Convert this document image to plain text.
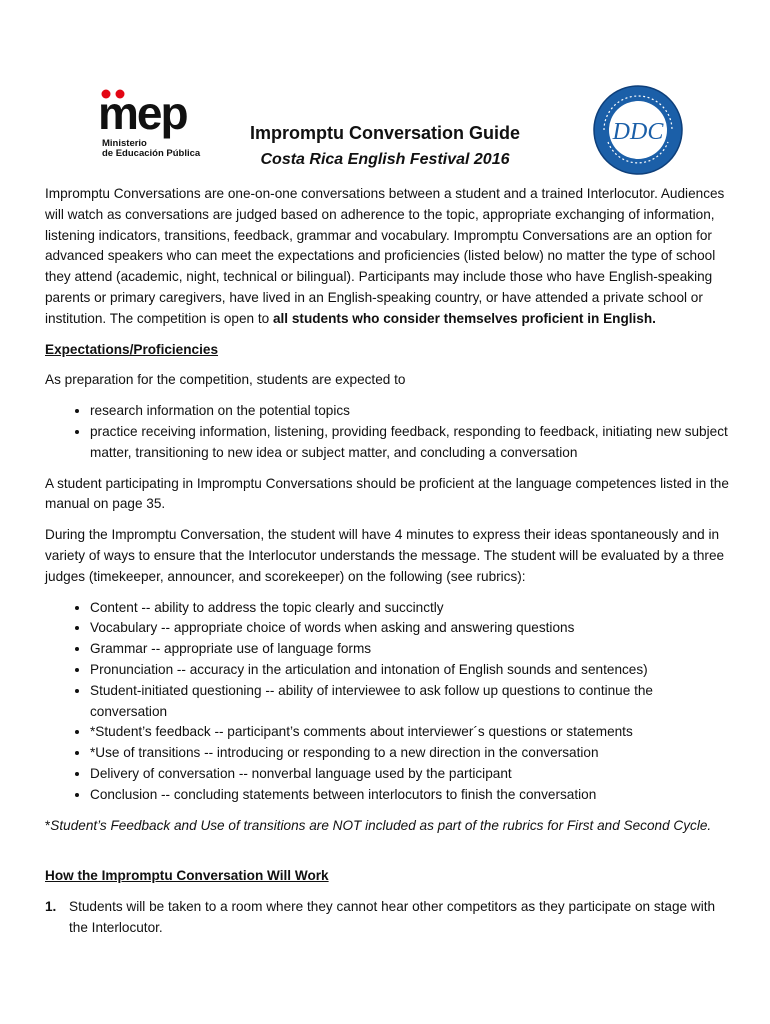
mep
Ministerio
de Educación Pública
DDC
Impromptu Conversation Guide
Costa Rica English Festival 2016

Impromptu Conversations are one-on-one conversations between a student and a trained Interlocutor. Audiences will watch as conversations are judged based on adherence to the topic, appropriate exchanging of information, listening indicators, transitions, feedback, grammar and vocabulary. Impromptu Conversations are an option for advanced speakers who can meet the expectations and proficiencies (listed below) no matter the type of school they attend (academic, night, technical or bilingual). Participants may include those who have English-speaking parents or primary caregivers, have lived in an English-speaking country, or have attended a private school or institution. The competition is open to all students who consider themselves proficient in English.

Expectations/Proficiencies

As preparation for the competition, students are expected to

• research information on the potential topics
• practice receiving information, listening, providing feedback, responding to feedback, initiating new subject matter, transitioning to new idea or subject matter, and concluding a conversation

A student participating in Impromptu Conversations should be proficient at the language competences listed in the manual on page 35.

During the Impromptu Conversation, the student will have 4 minutes to express their ideas spontaneously and in variety of ways to ensure that the Interlocutor understands the message. The student will be evaluated by a three judges (timekeeper, announcer, and scorekeeper) on the following (see rubrics):

• Content -- ability to address the topic clearly and succinctly
• Vocabulary -- appropriate choice of words when asking and answering questions
• Grammar -- appropriate use of language forms
• Pronunciation -- accuracy in the articulation and intonation of English sounds and sentences)
• Student-initiated questioning -- ability of interviewee to ask follow up questions to continue the conversation
• *Student’s feedback -- participant’s comments about interviewer´s questions or statements
• *Use of transitions -- introducing or responding to a new direction in the conversation
• Delivery of conversation -- nonverbal language used by the participant
• Conclusion -- concluding statements between interlocutors to finish the conversation

*Student’s Feedback and Use of transitions are NOT included as part of the rubrics for First and Second Cycle.

How the Impromptu Conversation Will Work
1. Students will be taken to a room where they cannot hear other competitors as they participate on stage with the Interlocutor.
